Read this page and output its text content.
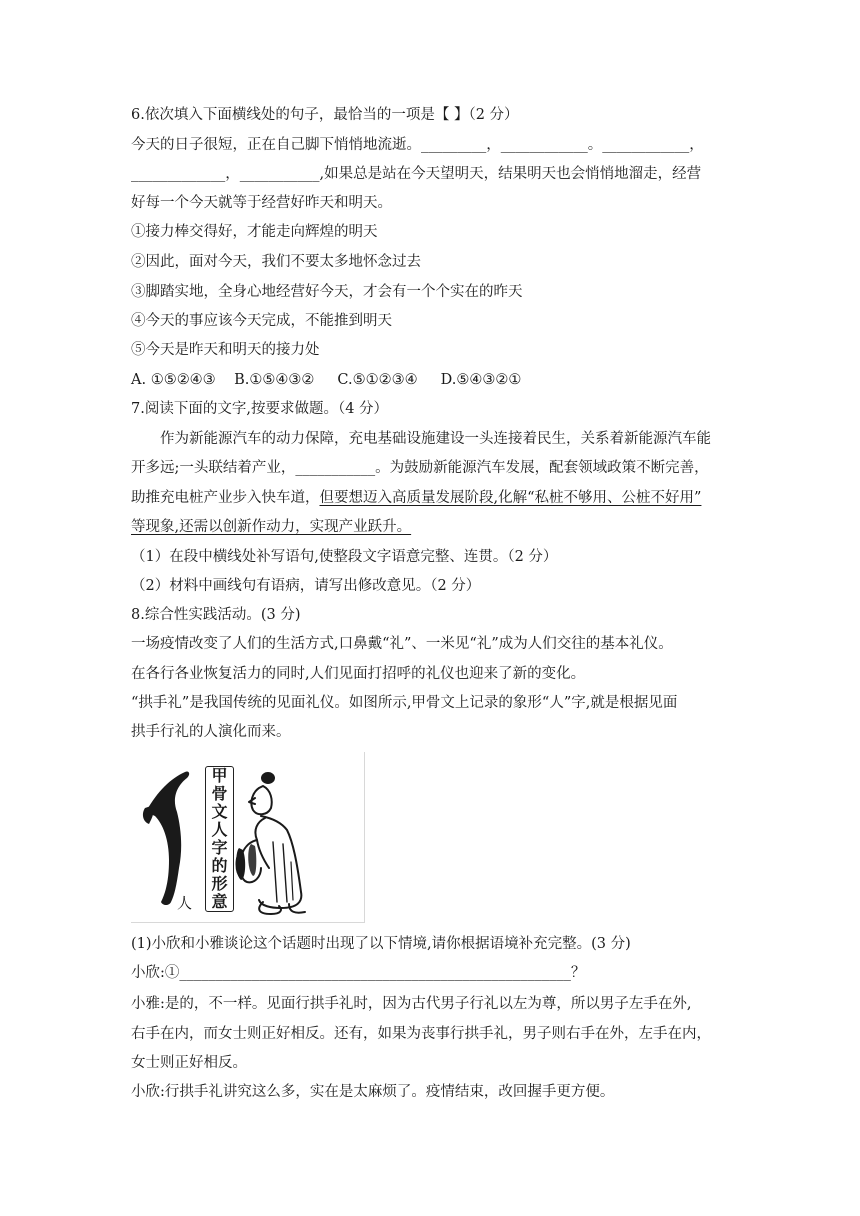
6.依次填入下面横线处的句子，最恰当的一项是【 】（2 分）
今天的日子很短，正在自己脚下悄悄地流逝。_________，____________。____________，
_____________，___________,如果总是站在今天望明天，结果明天也会悄悄地溜走，经营
好每一个今天就等于经营好昨天和明天。
①接力棒交得好，才能走向辉煌的明天
②因此，面对今天，我们不要太多地怀念过去
③脚踏实地，全身心地经营好今天，才会有一个个实在的昨天
④今天的事应该今天完成，不能推到明天
⑤今天是昨天和明天的接力处
A. ①⑤②④③    B.①⑤④③②     C.⑤①②③④     D.⑤④③②①
7.阅读下面的文字,按要求做题。（4 分）
作为新能源汽车的动力保障，充电基础设施建设一头连接着民生，关系着新能源汽车能
开多远;一头联结着产业，___________。为鼓励新能源汽车发展，配套领域政策不断完善，
助推充电桩产业步入快车道，但要想迈入高质量发展阶段,化解“私桩不够用、公桩不好用”
等现象,还需以创新作动力，实现产业跃升。
（1）在段中横线处补写语句,使整段文字语意完整、连贯。（2 分）
（2）材料中画线句有语病，请写出修改意见。（2 分）
8.综合性实践活动。(3 分)
一场疫情改变了人们的生活方式,口鼻戴“礼”、一米见“礼”成为人们交往的基本礼仪。
在各行各业恢复活力的同时,人们见面打招呼的礼仪也迎来了新的变化。
“拱手礼”是我国传统的见面礼仪。如图所示,甲骨文上记录的象形“人”字,就是根据见面
拱手行礼的人演化而来。
甲
骨
文
人
字
的
形
意
人
(1)小欣和小雅谈论这个话题时出现了以下情境,请你根据语境补充完整。(3 分)
小欣:①______________________________________________________？
小雅:是的，不一样。见面行拱手礼时，因为古代男子行礼以左为尊，所以男子左手在外,
右手在内，而女士则正好相反。还有，如果为丧事行拱手礼，男子则右手在外，左手在内，
女士则正好相反。
小欣:行拱手礼讲究这么多，实在是太麻烦了。疫情结束，改回握手更方便。
